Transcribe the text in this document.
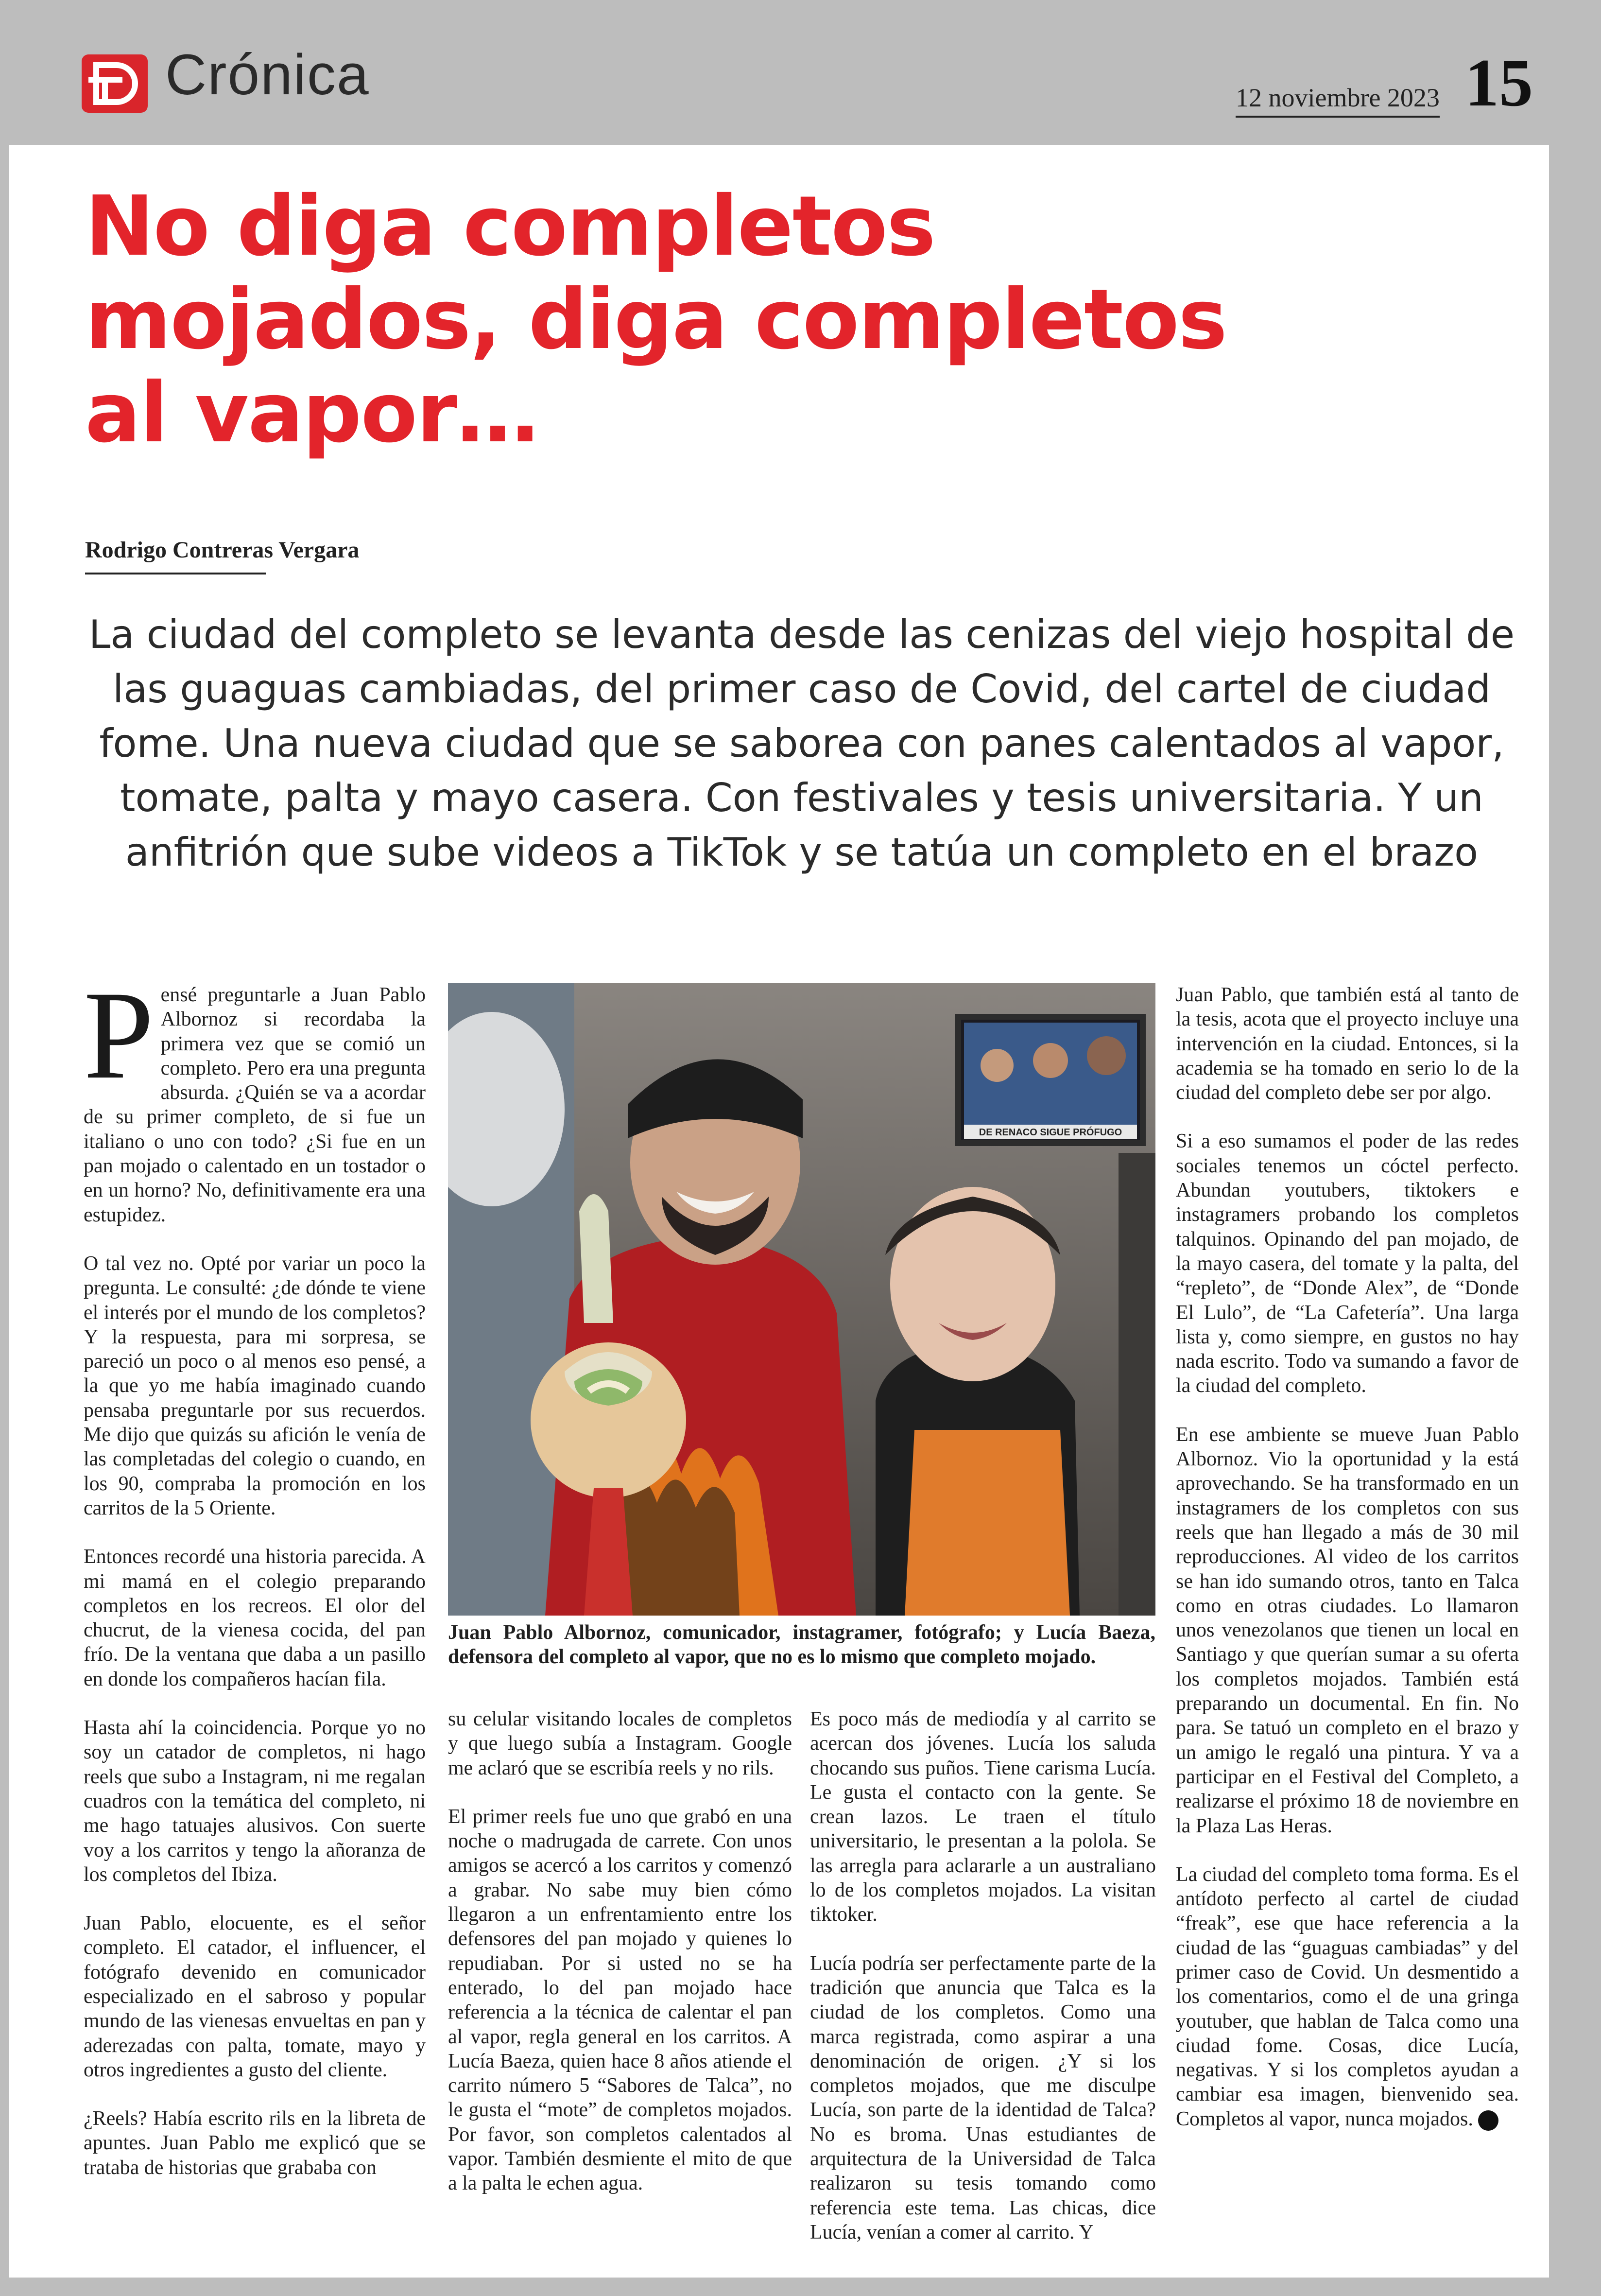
Crónica	12 noviembre 2023 15
No diga completos mojados, diga completos al vapor…
Rodrigo Contreras Vergara

La ciudad del completo se levanta desde las cenizas del viejo hospital de las guaguas cambiadas, del primer caso de Covid, del cartel de ciudad fome. Una nueva ciudad que se saborea con panes calentados al vapor, tomate, palta y mayo casera. Con festivales y tesis universitaria. Y un anfitrión que sube videos a TikTok y se tatúa un completo en el brazo

Pensé preguntarle a Juan Pablo Albornoz si recordaba la primera vez que se comió un completo. Pero era una pregunta absurda. ¿Quién se va a acordar de su primer completo, de si fue un italiano o uno con todo? ¿Si fue en un pan mojado o calentado en un tostador o en un horno? No, definitivamente era una estupidez.

O tal vez no. Opté por variar un poco la pregunta. Le consulté: ¿de dónde te viene el interés por el mundo de los completos? Y la respuesta, para mi sorpresa, se pareció un poco o al menos eso pensé, a la que yo me había imaginado cuando pensaba preguntarle por sus recuerdos. Me dijo que quizás su afición le venía de las completadas del colegio o cuando, en los 90, compraba la promoción en los carritos de la 5 Oriente.

Entonces recordé una historia parecida. A mi mamá en el colegio preparando completos en los recreos. El olor del chucrut, de la vienesa cocida, del pan frío. De la ventana que daba a un pasillo en donde los compañeros hacían fila.

Hasta ahí la coincidencia. Porque yo no soy un catador de completos, ni hago reels que subo a Instagram, ni me regalan cuadros con la temática del completo, ni me hago tatuajes alusivos. Con suerte voy a los carritos y tengo la añoranza de los completos del Ibiza.

Juan Pablo, elocuente, es el señor completo. El catador, el influencer, el fotógrafo devenido en comunicador especializado en el sabroso y popular mundo de las vienesas envueltas en pan y aderezadas con palta, tomate, mayo y otros ingredientes a gusto del cliente.

¿Reels? Había escrito rils en la libreta de apuntes. Juan Pablo me explicó que se trataba de historias que grababa con

DE RENACO SIGUE PRÓFUGO

Juan Pablo Albornoz, comunicador, instagramer, fotógrafo; y Lucía Baeza, defensora del completo al vapor, que no es lo mismo que completo mojado.

su celular visitando locales de completos y que luego subía a Instagram. Google me aclaró que se escribía reels y no rils.

El primer reels fue uno que grabó en una noche o madrugada de carrete. Con unos amigos se acercó a los carritos y comenzó a grabar. No sabe muy bien cómo llegaron a un enfrentamiento entre los defensores del pan mojado y quienes lo repudiaban. Por si usted no se ha enterado, lo del pan mojado hace referencia a la técnica de calentar el pan al vapor, regla general en los carritos. A Lucía Baeza, quien hace 8 años atiende el carrito número 5 “Sabores de Talca”, no le gusta el “mote” de completos mojados. Por favor, son completos calentados al vapor. También desmiente el mito de que a la palta le echen agua.

Es poco más de mediodía y al carrito se acercan dos jóvenes. Lucía los saluda chocando sus puños. Tiene carisma Lucía. Le gusta el contacto con la gente. Se crean lazos. Le traen el título universitario, le presentan a la polola. Se las arregla para aclararle a un australiano lo de los completos mojados. La visitan tiktoker.

Lucía podría ser perfectamente parte de la tradición que anuncia que Talca es la ciudad de los completos. Como una marca registrada, como aspirar a una denominación de origen. ¿Y si los completos mojados, que me disculpe Lucía, son parte de la identidad de Talca? No es broma. Unas estudiantes de arquitectura de la Universidad de Talca realizaron su tesis tomando como referencia este tema. Las chicas, dice Lucía, venían a comer al carrito. Y

Juan Pablo, que también está al tanto de la tesis, acota que el proyecto incluye una intervención en la ciudad. Entonces, si la academia se ha tomado en serio lo de la ciudad del completo debe ser por algo.

Si a eso sumamos el poder de las redes sociales tenemos un cóctel perfecto. Abundan youtubers, tiktokers e instagramers probando los completos talquinos. Opinando del pan mojado, de la mayo casera, del tomate y la palta, del “repleto”, de “Donde Alex”, de “Donde El Lulo”, de “La Cafetería”. Una larga lista y, como siempre, en gustos no hay nada escrito. Todo va sumando a favor de la ciudad del completo.

En ese ambiente se mueve Juan Pablo Albornoz. Vio la oportunidad y la está aprovechando. Se ha transformado en un instagramers de los completos con sus reels que han llegado a más de 30 mil reproducciones. Al video de los carritos se han ido sumando otros, tanto en Talca como en otras ciudades. Lo llamaron unos venezolanos que tienen un local en Santiago y que querían sumar a su oferta los completos mojados. También está preparando un documental. En fin. No para. Se tatuó un completo en el brazo y un amigo le regaló una pintura. Y va a participar en el Festival del Completo, a realizarse el próximo 18 de noviembre en la Plaza Las Heras.

La ciudad del completo toma forma. Es el antídoto perfecto al cartel de ciudad “freak”, ese que hace referencia a la ciudad de las “guaguas cambiadas” y del primer caso de Covid. Un desmentido a los comentarios, como el de una gringa youtuber, que hablan de Talca como una ciudad fome. Cosas, dice Lucía, negativas. Y si los completos ayudan a cambiar esa imagen, bienvenido sea. Completos al vapor, nunca mojados.
